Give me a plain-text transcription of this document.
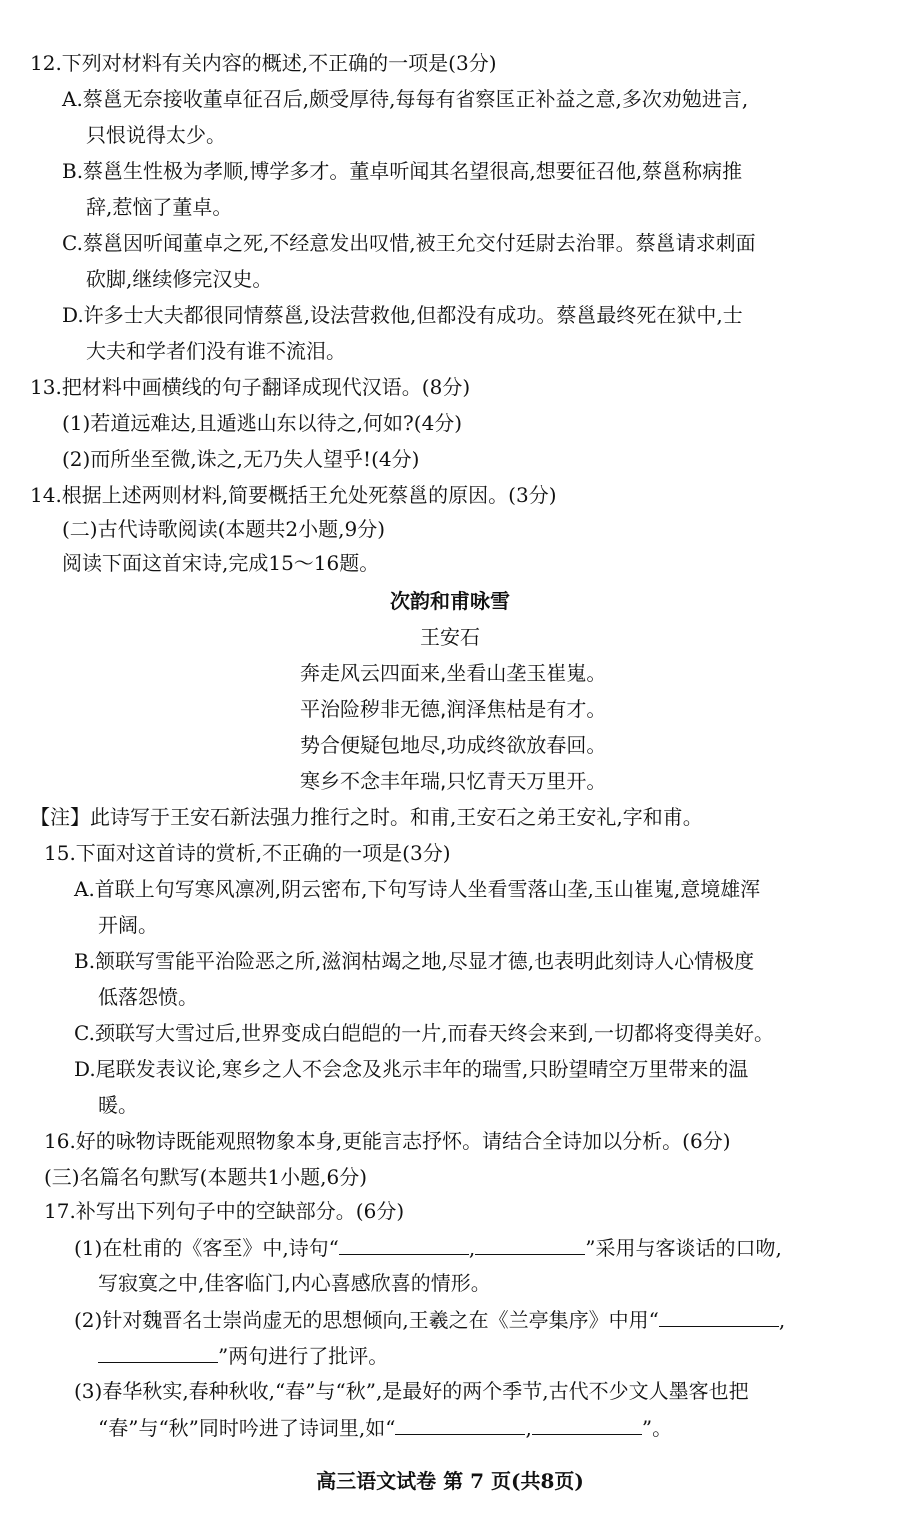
12.下列对材料有关内容的概述,不正确的一项是(3分)
A.蔡邕无奈接收董卓征召后,颇受厚待,每每有省察匡正补益之意,多次劝勉进言,
只恨说得太少。
B.蔡邕生性极为孝顺,博学多才。董卓听闻其名望很高,想要征召他,蔡邕称病推
辞,惹恼了董卓。
C.蔡邕因听闻董卓之死,不经意发出叹惜,被王允交付廷尉去治罪。蔡邕请求刺面
砍脚,继续修完汉史。
D.许多士大夫都很同情蔡邕,设法营救他,但都没有成功。蔡邕最终死在狱中,士
大夫和学者们没有谁不流泪。
13.把材料中画横线的句子翻译成现代汉语。(8分)
(1)若道远难达,且遁逃山东以待之,何如?(4分)
(2)而所坐至微,诛之,无乃失人望乎!(4分)
14.根据上述两则材料,简要概括王允处死蔡邕的原因。(3分)
(二)古代诗歌阅读(本题共2小题,9分)
阅读下面这首宋诗,完成15～16题。
次韵和甫咏雪
王安石
奔走风云四面来,坐看山垄玉崔嵬。
平治险秽非无德,润泽焦枯是有才。
势合便疑包地尽,功成终欲放春回。
寒乡不念丰年瑞,只忆青天万里开。
【注】此诗写于王安石新法强力推行之时。和甫,王安石之弟王安礼,字和甫。
15.下面对这首诗的赏析,不正确的一项是(3分)
A.首联上句写寒风凛冽,阴云密布,下句写诗人坐看雪落山垄,玉山崔嵬,意境雄浑
开阔。
B.颔联写雪能平治险恶之所,滋润枯竭之地,尽显才德,也表明此刻诗人心情极度
低落怨愤。
C.颈联写大雪过后,世界变成白皑皑的一片,而春天终会来到,一切都将变得美好。
D.尾联发表议论,寒乡之人不会念及兆示丰年的瑞雪,只盼望晴空万里带来的温
暖。
16.好的咏物诗既能观照物象本身,更能言志抒怀。请结合全诗加以分析。(6分)
(三)名篇名句默写(本题共1小题,6分)
17.补写出下列句子中的空缺部分。(6分)
(1)在杜甫的《客至》中,诗句“	,	”采用与客谈话的口吻,
写寂寞之中,佳客临门,内心喜感欣喜的情形。
(2)针对魏晋名士崇尚虚无的思想倾向,王羲之在《兰亭集序》中用“	,
”两句进行了批评。
(3)春华秋实,春种秋收,“春”与“秋”,是最好的两个季节,古代不少文人墨客也把
“春”与“秋”同时吟进了诗词里,如“	,	”。
高三语文试卷 第 7 页(共8页)
